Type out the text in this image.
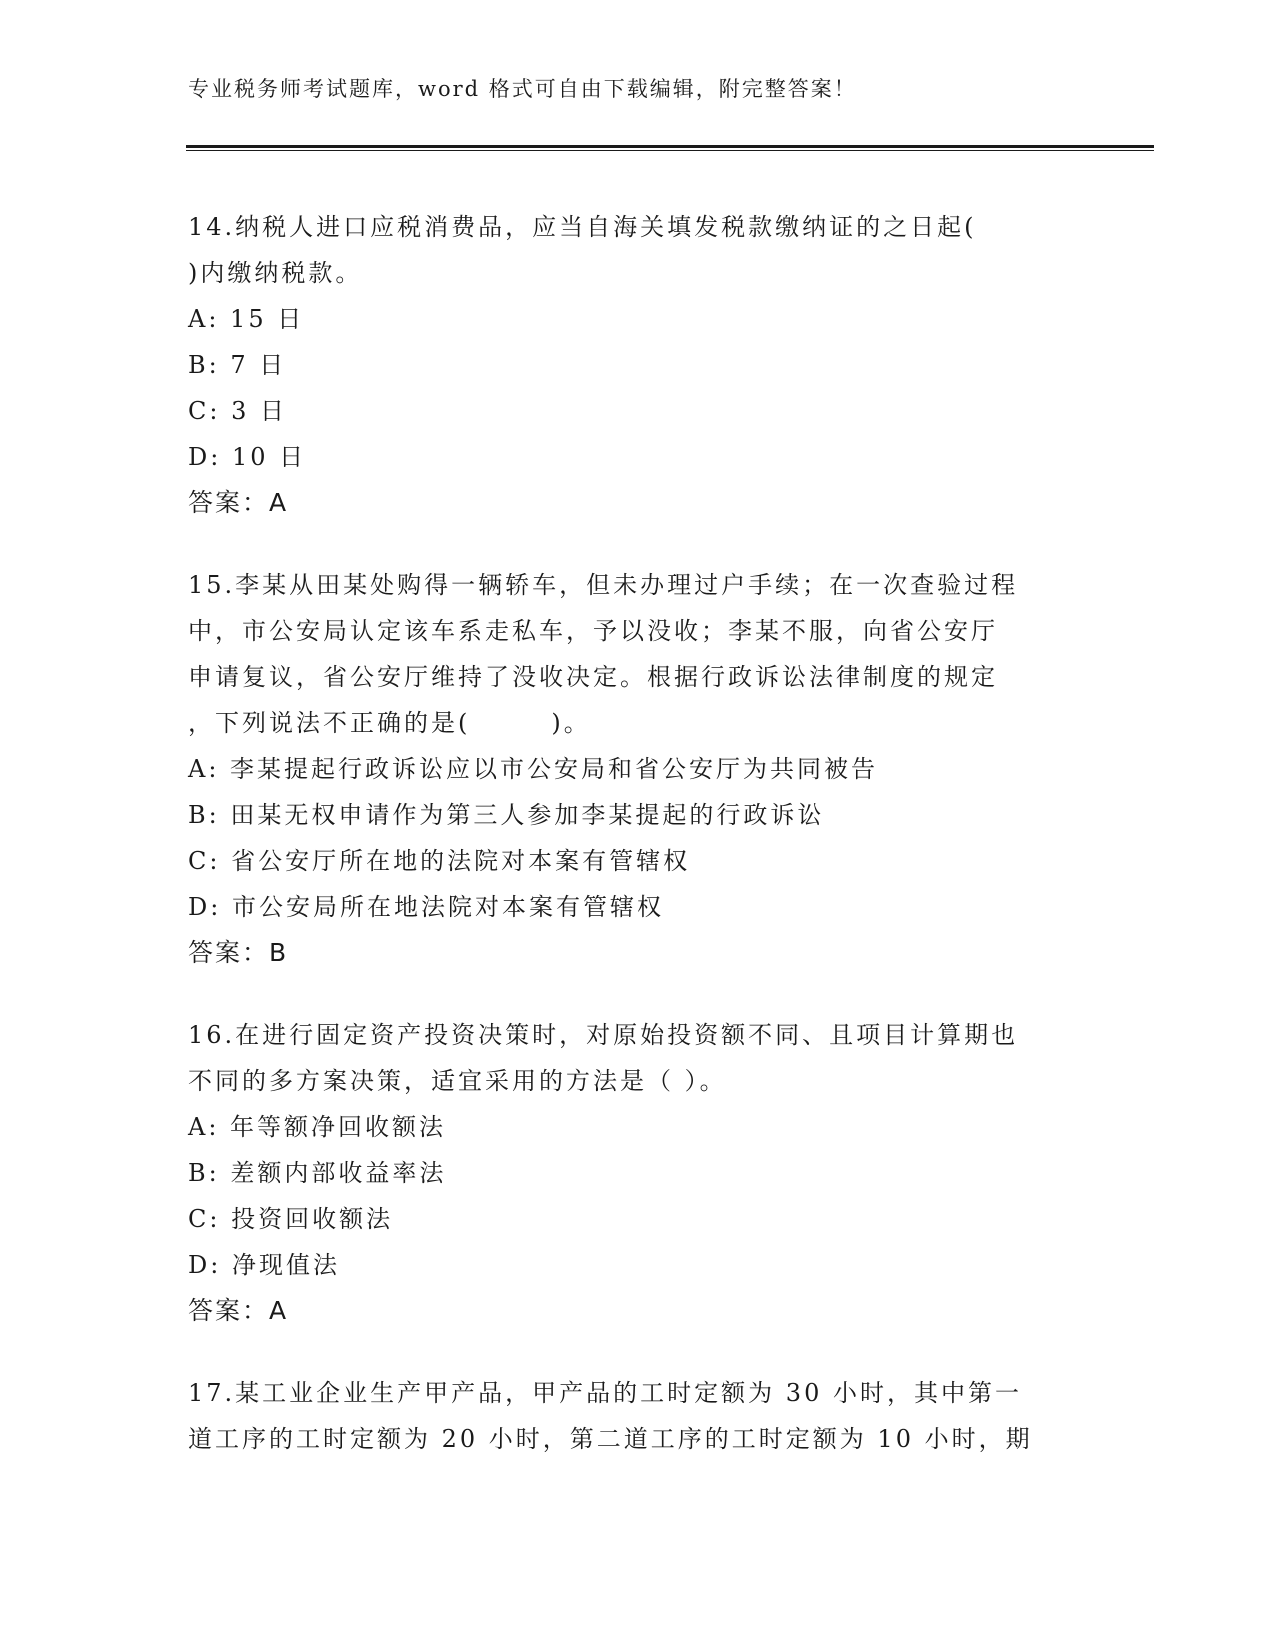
专业税务师考试题库，word 格式可自由下载编辑，附完整答案！
14.纳税人进口应税消费品，应当自海关填发税款缴纳证的之日起(
)内缴纳税款。
A: 15 日
B: 7 日
C: 3 日
D: 10 日
答案：A
15.李某从田某处购得一辆轿车，但未办理过户手续；在一次查验过程
中，市公安局认定该车系走私车，予以没收；李某不服，向省公安厅
申请复议，省公安厅维持了没收决定。根据行政诉讼法律制度的规定
，下列说法不正确的是(　　　)。
A: 李某提起行政诉讼应以市公安局和省公安厅为共同被告
B: 田某无权申请作为第三人参加李某提起的行政诉讼
C: 省公安厅所在地的法院对本案有管辖权
D: 市公安局所在地法院对本案有管辖权
答案：B
16.在进行固定资产投资决策时，对原始投资额不同、且项目计算期也
不同的多方案决策，适宜采用的方法是（ ）。
A: 年等额净回收额法
B: 差额内部收益率法
C: 投资回收额法
D: 净现值法
答案：A
17.某工业企业生产甲产品，甲产品的工时定额为 30 小时，其中第一
道工序的工时定额为 20 小时，第二道工序的工时定额为 10 小时，期
